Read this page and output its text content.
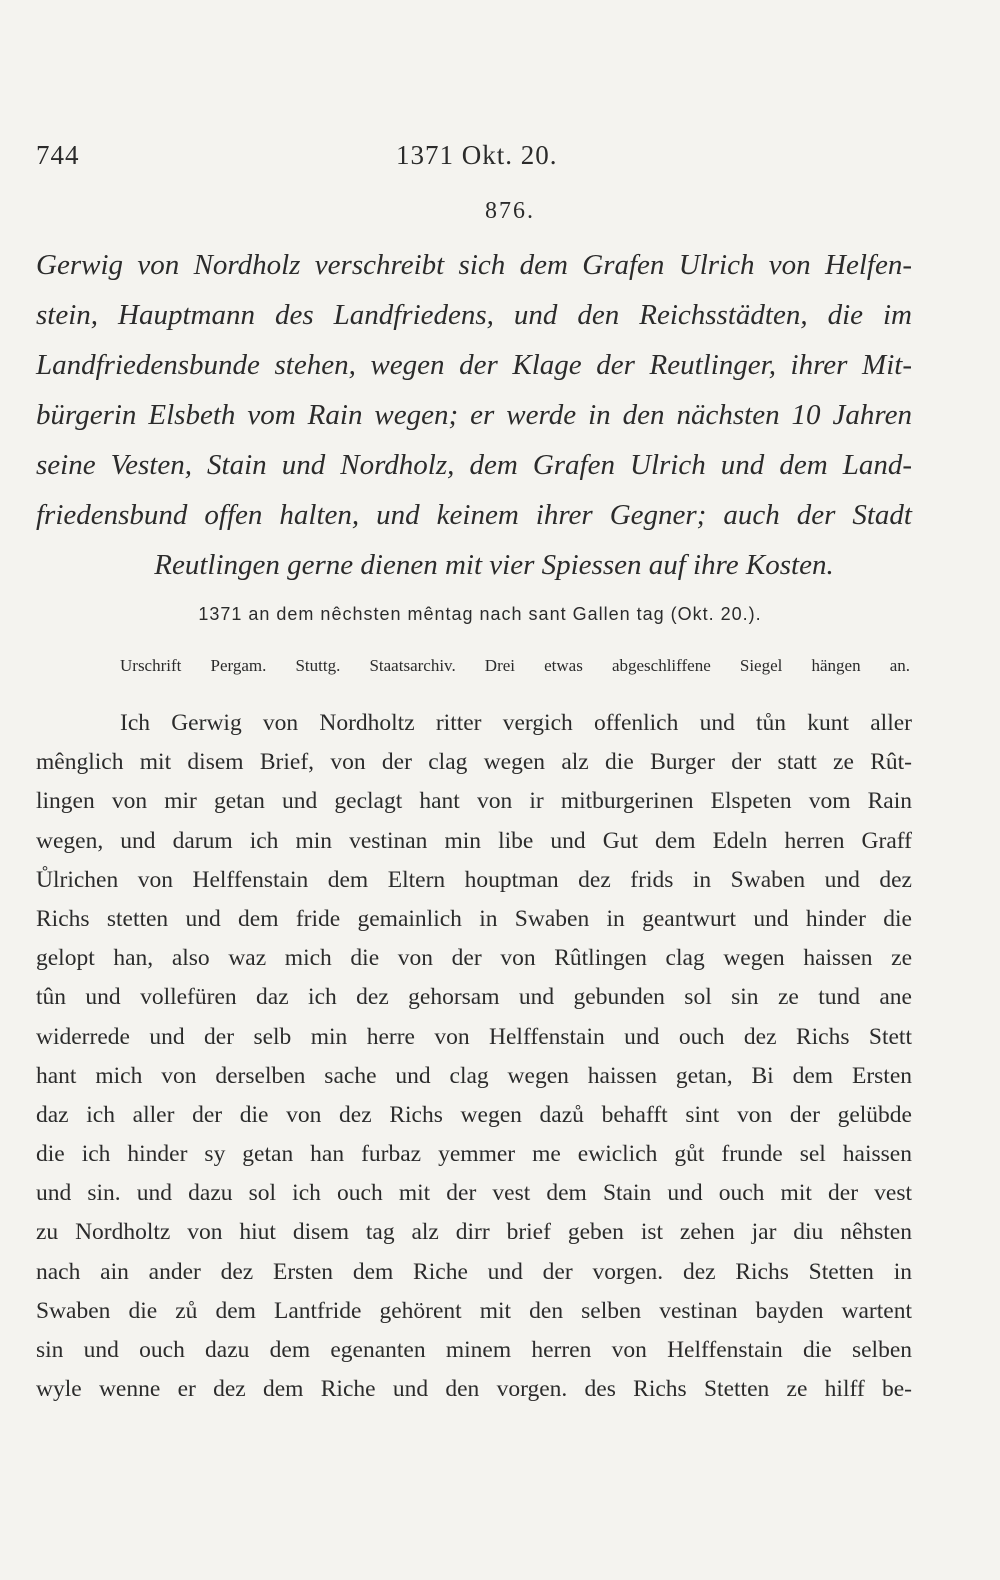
744	1371 Okt. 20.
876.
Gerwig von Nordholz verschreibt sich dem Grafen Ulrich von Helfen-
stein, Hauptmann des Landfriedens, und den Reichsstädten, die im
Landfriedensbunde stehen, wegen der Klage der Reutlinger, ihrer Mit-
bürgerin Elsbeth vom Rain wegen; er werde in den nächsten 10 Jahren
seine Vesten, Stain und Nordholz, dem Grafen Ulrich und dem Land-
friedensbund offen halten, und keinem ihrer Gegner; auch der Stadt
Reutlingen gerne dienen mit vier Spiessen auf ihre Kosten.
1371 an dem nêchsten mêntag nach sant Gallen tag (Okt. 20.).
Urschrift Pergam. Stuttg. Staatsarchiv. Drei etwas abgeschliffene Siegel hängen an.
Ich Gerwig von Nordholtz ritter vergich offenlich und tůn kunt aller
mênglich mit disem Brief, von der clag wegen alz die Burger der statt ze Rût-
lingen von mir getan und geclagt hant von ir mitburgerinen Elspeten vom Rain
wegen, und darum ich min vestinan min libe und Gut dem Edeln herren Graff
Ůlrichen von Helffenstain dem Eltern houptman dez frids in Swaben und dez
Richs stetten und dem fride gemainlich in Swaben in geantwurt und hinder die
gelopt han, also waz mich die von der von Rûtlingen clag wegen haissen ze
tûn und vollefüren daz ich dez gehorsam und gebunden sol sin ze tund ane
widerrede und der selb min herre von Helffenstain und ouch dez Richs Stett
hant mich von derselben sache und clag wegen haissen getan, Bi dem Ersten
daz ich aller der die von dez Richs wegen dazů behafft sint von der gelübde
die ich hinder sy getan han furbaz yemmer me ewiclich gůt frunde sel haissen
und sin. und dazu sol ich ouch mit der vest dem Stain und ouch mit der vest
zu Nordholtz von hiut disem tag alz dirr brief geben ist zehen jar diu nêhsten
nach ain ander dez Ersten dem Riche und der vorgen. dez Richs Stetten in
Swaben die zů dem Lantfride gehörent mit den selben vestinan bayden wartent
sin und ouch dazu dem egenanten minem herren von Helffenstain die selben
wyle wenne er dez dem Riche und den vorgen. des Richs Stetten ze hilff be-
